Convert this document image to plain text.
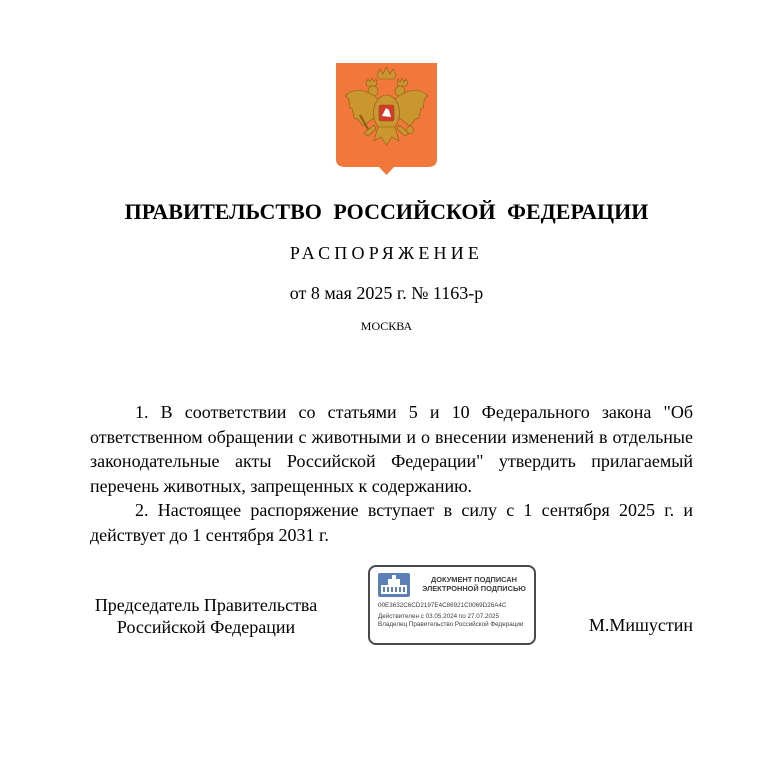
ПРАВИТЕЛЬСТВО РОССИЙСКОЙ ФЕДЕРАЦИИ
РАСПОРЯЖЕНИЕ
от 8 мая 2025 г. № 1163-р
МОСКВА

1. В соответствии со статьями 5 и 10 Федерального закона "Об ответственном обращении с животными и о внесении изменений в отдельные законодательные акты Российской Федерации" утвердить прилагаемый перечень животных, запрещенных к содержанию.

2. Настоящее распоряжение вступает в силу с 1 сентября 2025 г. и действует до 1 сентября 2031 г.

Председатель Правительства
Российской Федерации
ДОКУМЕНТ ПОДПИСАН
ЭЛЕКТРОННОЙ ПОДПИСЬЮ
00E3632C6CD2197E4C86921C0069D26A4C
Действителен с 03.05.2024 по 27.07.2025
Владелец Правительство Российской Федерации	М.Мишустин
